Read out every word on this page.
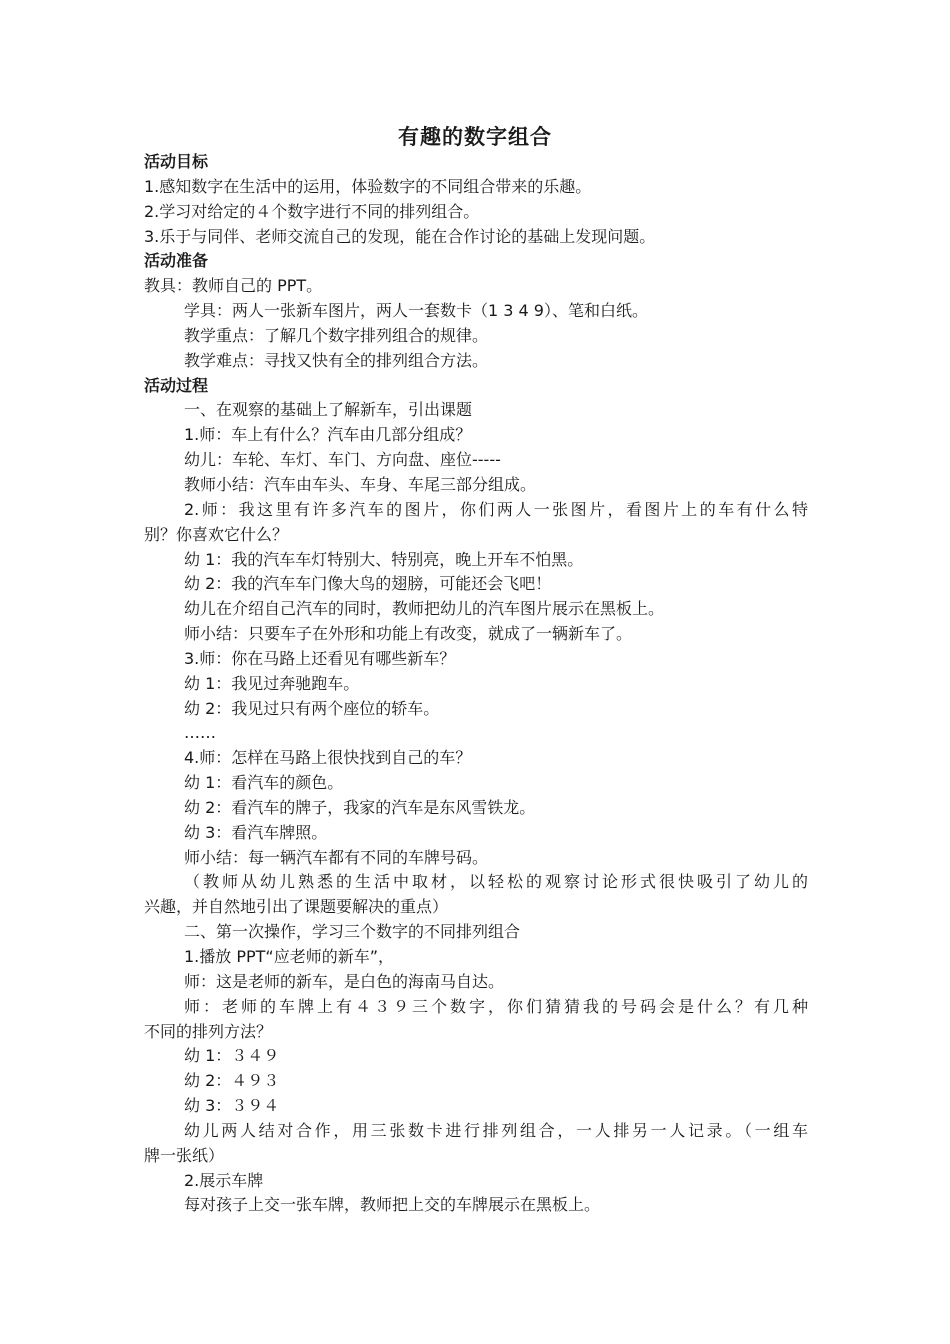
有趣的数字组合
活动目标
1.感知数字在生活中的运用，体验数字的不同组合带来的乐趣。
2.学习对给定的４个数字进行不同的排列组合。
3.乐于与同伴、老师交流自己的发现，能在合作讨论的基础上发现问题。
活动准备
教具：教师自己的 PPT。
学具：两人一张新车图片，两人一套数卡（1 3 4 9）、笔和白纸。
教学重点：了解几个数字排列组合的规律。
教学难点：寻找又快有全的排列组合方法。
活动过程
一、在观察的基础上了解新车，引出课题
1.师：车上有什么？汽车由几部分组成？
幼儿：车轮、车灯、车门、方向盘、座位-----
教师小结：汽车由车头、车身、车尾三部分组成。
2.师：我这里有许多汽车的图片，你们两人一张图片，看图片上的车有什么特
别？你喜欢它什么？
幼 1：我的汽车车灯特别大、特别亮，晚上开车不怕黑。
幼 2：我的汽车车门像大鸟的翅膀，可能还会飞吧！
幼儿在介绍自己汽车的同时，教师把幼儿的汽车图片展示在黑板上。
师小结：只要车子在外形和功能上有改变，就成了一辆新车了。
3.师：你在马路上还看见有哪些新车？
幼 1：我见过奔驰跑车。
幼 2：我见过只有两个座位的轿车。
……
4.师：怎样在马路上很快找到自己的车？
幼 1：看汽车的颜色。
幼 2：看汽车的牌子，我家的汽车是东风雪铁龙。
幼 3：看汽车牌照。
师小结：每一辆汽车都有不同的车牌号码。
（教师从幼儿熟悉的生活中取材，以轻松的观察讨论形式很快吸引了幼儿的
兴趣，并自然地引出了课题要解决的重点）
二、第一次操作，学习三个数字的不同排列组合
1.播放 PPT“应老师的新车”，
师：这是老师的新车，是白色的海南马自达。
师：老师的车牌上有４３９三个数字，你们猜猜我的号码会是什么？有几种
不同的排列方法？
幼 1：３４９
幼 2：４９３
幼 3：３９４
幼儿两人结对合作，用三张数卡进行排列组合，一人排另一人记录。（一组车
牌一张纸）
2.展示车牌
每对孩子上交一张车牌，教师把上交的车牌展示在黑板上。
